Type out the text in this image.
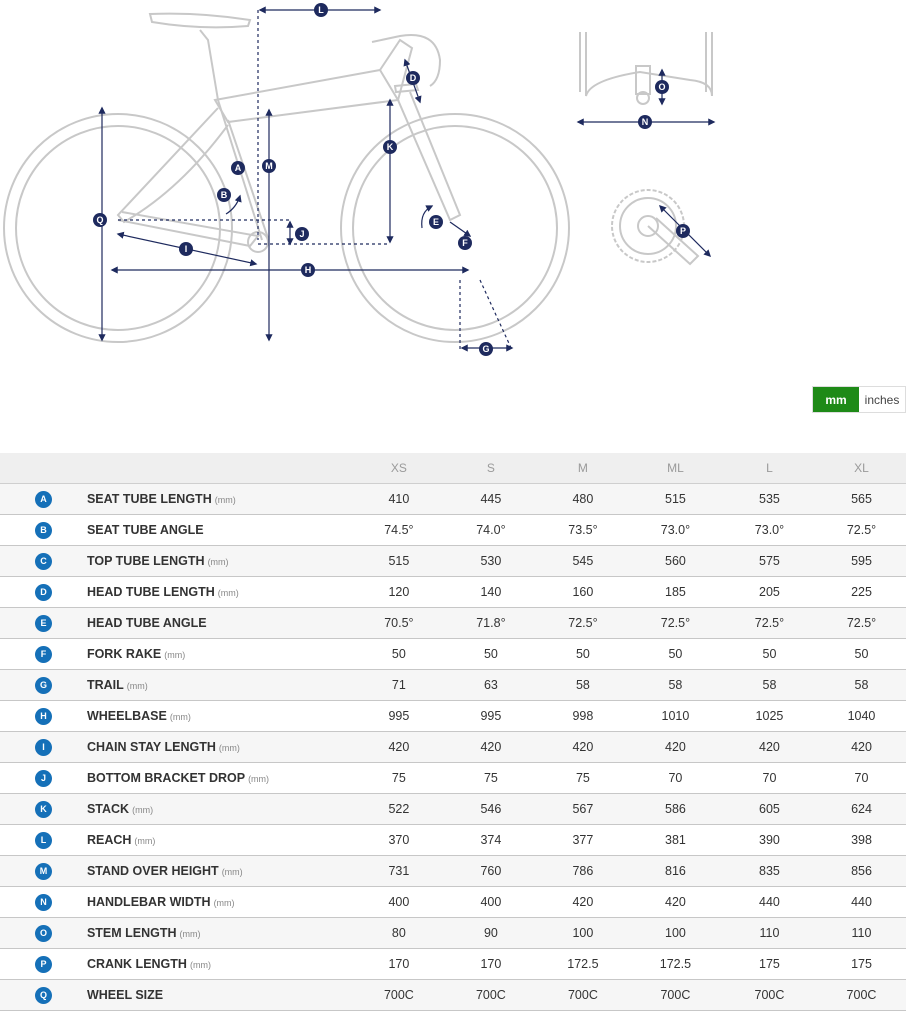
L
D
O
N
K
M
A
B
Q	E
P
J
F
I
H
G
mm	inches
		XS	S	M	ML	L	XL
A	SEAT TUBE LENGTH (mm)	410	445	480	515	535	565
B	SEAT TUBE ANGLE	74.5°	74.0°	73.5°	73.0°	73.0°	72.5°
C	TOP TUBE LENGTH (mm)	515	530	545	560	575	595
D	HEAD TUBE LENGTH (mm)	120	140	160	185	205	225
E	HEAD TUBE ANGLE	70.5°	71.8°	72.5°	72.5°	72.5°	72.5°
F	FORK RAKE (mm)	50	50	50	50	50	50
G	TRAIL (mm)	71	63	58	58	58	58
H	WHEELBASE (mm)	995	995	998	1010	1025	1040
I	CHAIN STAY LENGTH (mm)	420	420	420	420	420	420
J	BOTTOM BRACKET DROP (mm)	75	75	75	70	70	70
K	STACK (mm)	522	546	567	586	605	624
L	REACH (mm)	370	374	377	381	390	398
M	STAND OVER HEIGHT (mm)	731	760	786	816	835	856
N	HANDLEBAR WIDTH (mm)	400	400	420	420	440	440
O	STEM LENGTH (mm)	80	90	100	100	110	110
P	CRANK LENGTH (mm)	170	170	172.5	172.5	175	175
Q	WHEEL SIZE	700C	700C	700C	700C	700C	700C
